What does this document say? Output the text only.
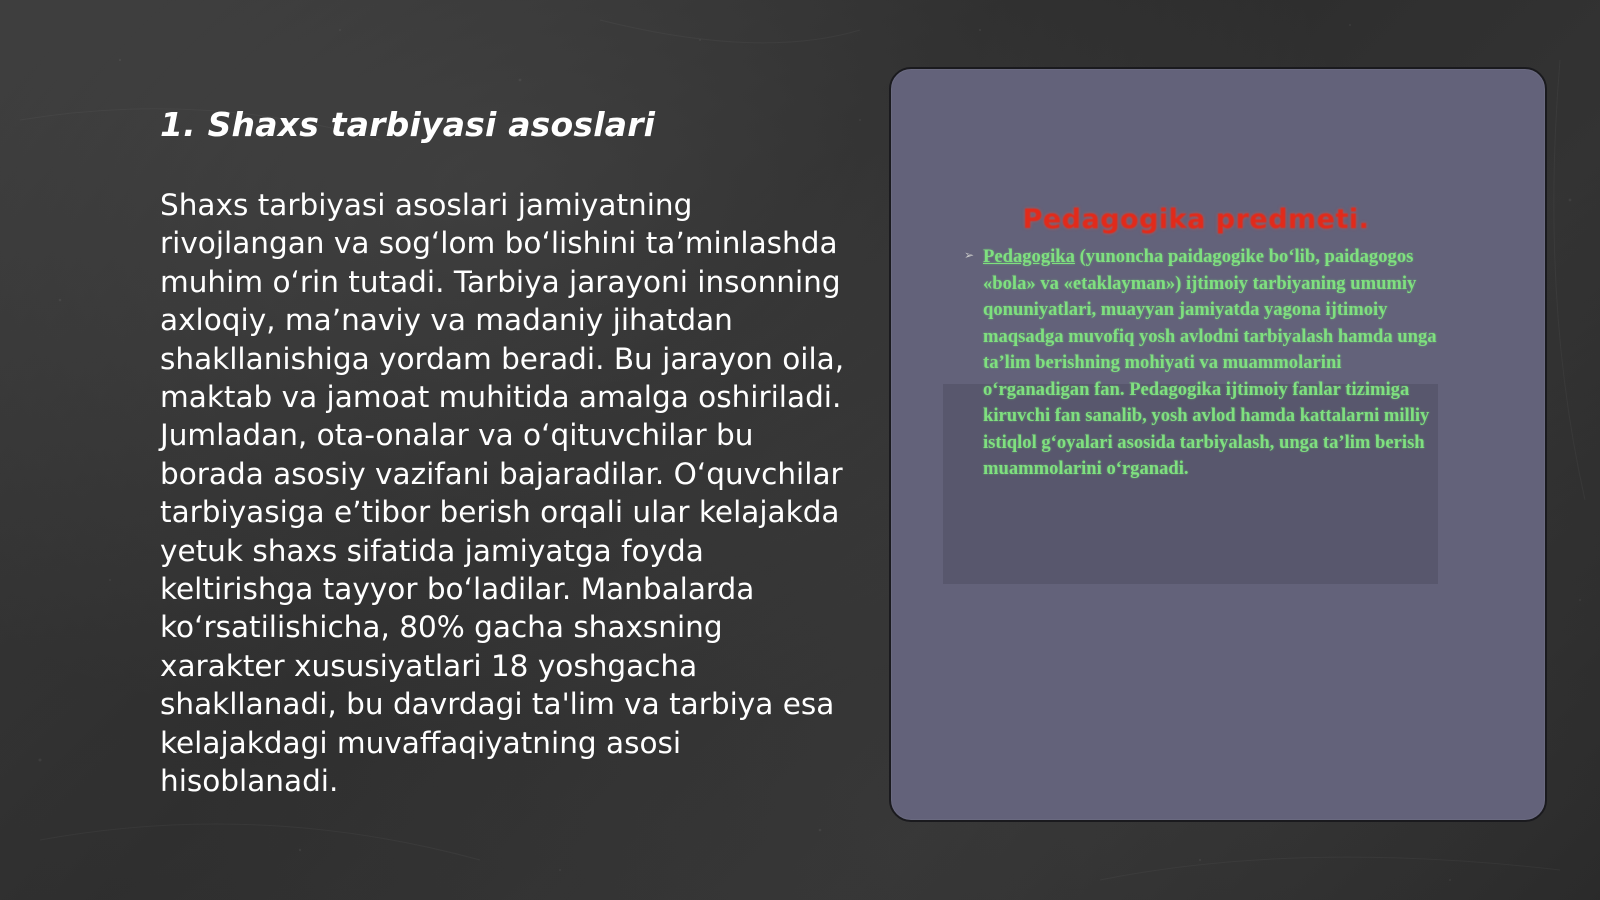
1. Shaxs tarbiyasi asoslari

Shaxs tarbiyasi asoslari jamiyatning rivojlangan va sogʻlom boʻlishini taʼminlashda muhim oʻrin tutadi. Tarbiya jarayoni insonning axloqiy, maʼnaviy va madaniy jihatdan shakllanishiga yordam beradi. Bu jarayon oila, maktab va jamoat muhitida amalga oshiriladi. Jumladan, ota-onalar va oʻqituvchilar bu borada asosiy vazifani bajaradilar. Oʻquvchilar tarbiyasiga eʼtibor berish orqali ular kelajakda yetuk shaxs sifatida jamiyatga foyda keltirishga tayyor boʻladilar. Manbalarda koʻrsatilishicha, 80% gacha shaxsning xarakter xususiyatlari 18 yoshgacha shakllanadi, bu davrdagi ta'lim va tarbiya esa kelajakdagi muvaffaqiyatning asosi hisoblanadi.

Pedagogika predmeti.
➢ Pedagogika (yunoncha paidagogike boʻlib, paidagogos «bola» va «etaklayman») ijtimoiy tarbiyaning umumiy qonuniyatlari, muayyan jamiyatda yagona ijtimoiy maqsadga muvofiq yosh avlodni tarbiyalash hamda unga taʼlim berishning mohiyati va muammolarini oʻrganadigan fan. Pedagogika ijtimoiy fanlar tizimiga kiruvchi fan sanalib, yosh avlod hamda kattalarni milliy istiqlol gʻoyalari asosida tarbiyalash, unga taʼlim berish muammolarini oʻrganadi.
